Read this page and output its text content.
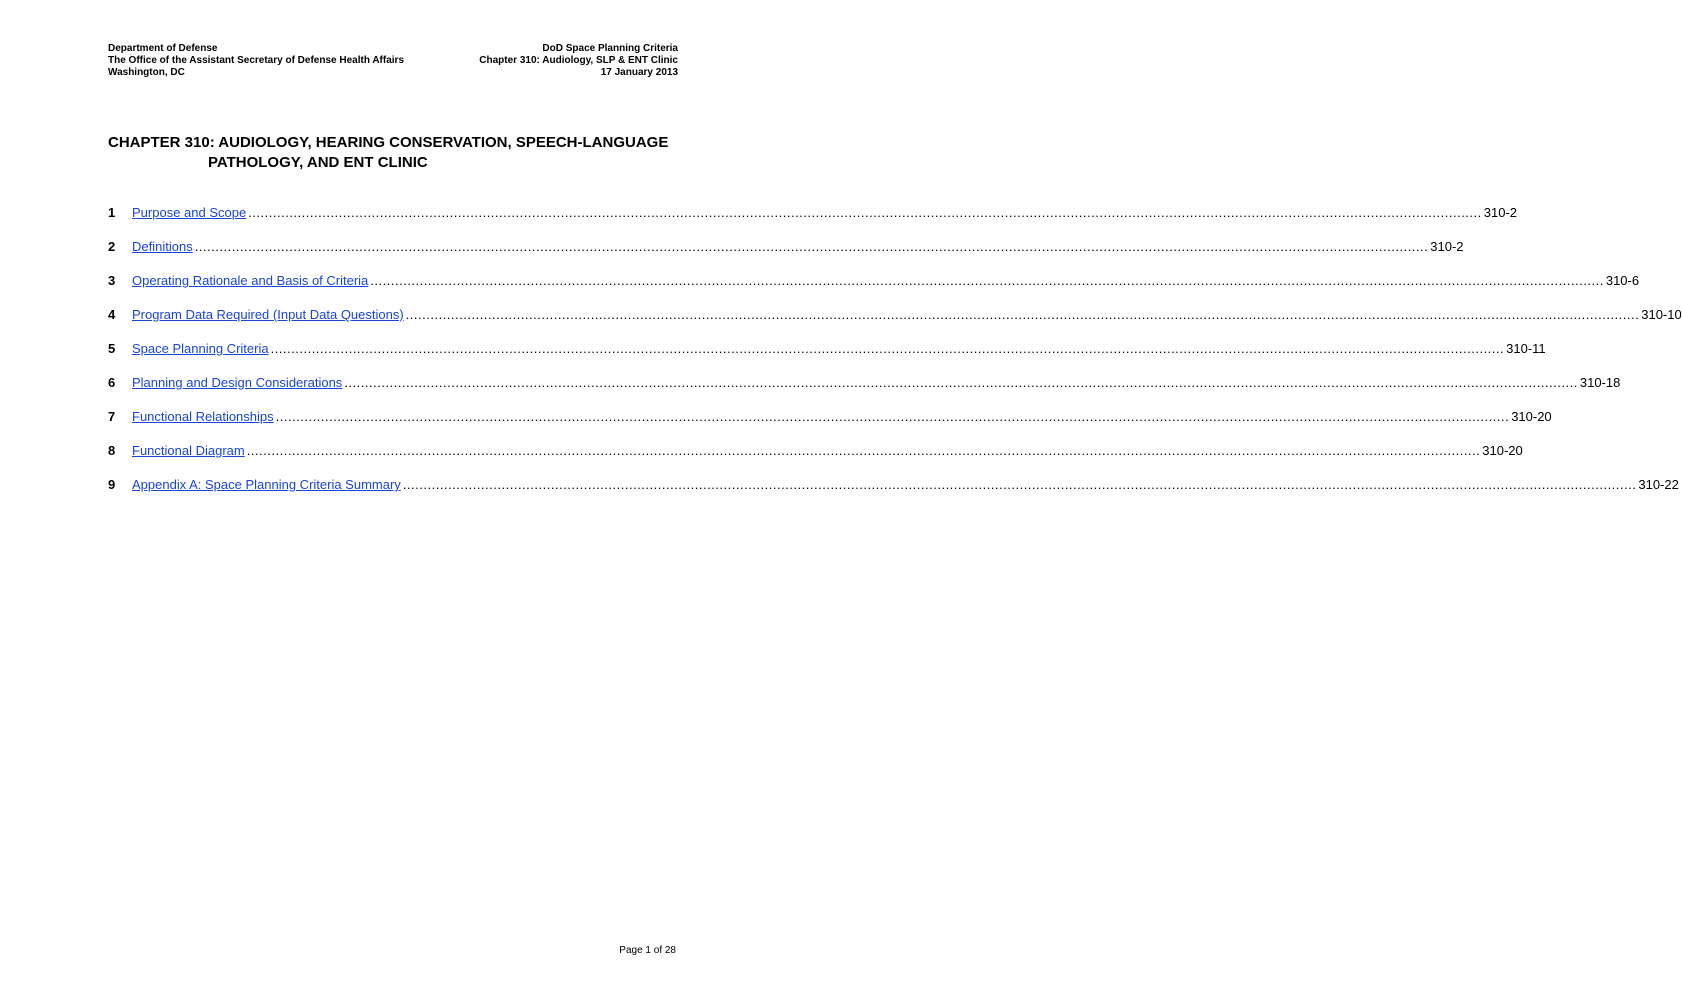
Department of Defense	DoD Space Planning Criteria
The Office of the Assistant Secretary of Defense Health Affairs	Chapter 310: Audiology, SLP & ENT Clinic
Washington, DC	17 January 2013
CHAPTER 310: AUDIOLOGY, HEARING CONSERVATION, SPEECH-LANGUAGE
PATHOLOGY, AND ENT CLINIC
1	Purpose and Scope ............................................................................................................................................................................................................................................................................................................ 310-2
2	Definitions ............................................................................................................................................................................................................................................................................................................ 310-2
3	Operating Rationale and Basis of Criteria ............................................................................................................................................................................................................................................................................................................ 310-6
4	Program Data Required (Input Data Questions) ............................................................................................................................................................................................................................................................................................................ 310-10
5	Space Planning Criteria ............................................................................................................................................................................................................................................................................................................ 310-11
6	Planning and Design Considerations ............................................................................................................................................................................................................................................................................................................ 310-18
7	Functional Relationships ............................................................................................................................................................................................................................................................................................................ 310-20
8	Functional Diagram ............................................................................................................................................................................................................................................................................................................ 310-20
9	Appendix A: Space Planning Criteria Summary ............................................................................................................................................................................................................................................................................................................ 310-22
Page 1 of 28
